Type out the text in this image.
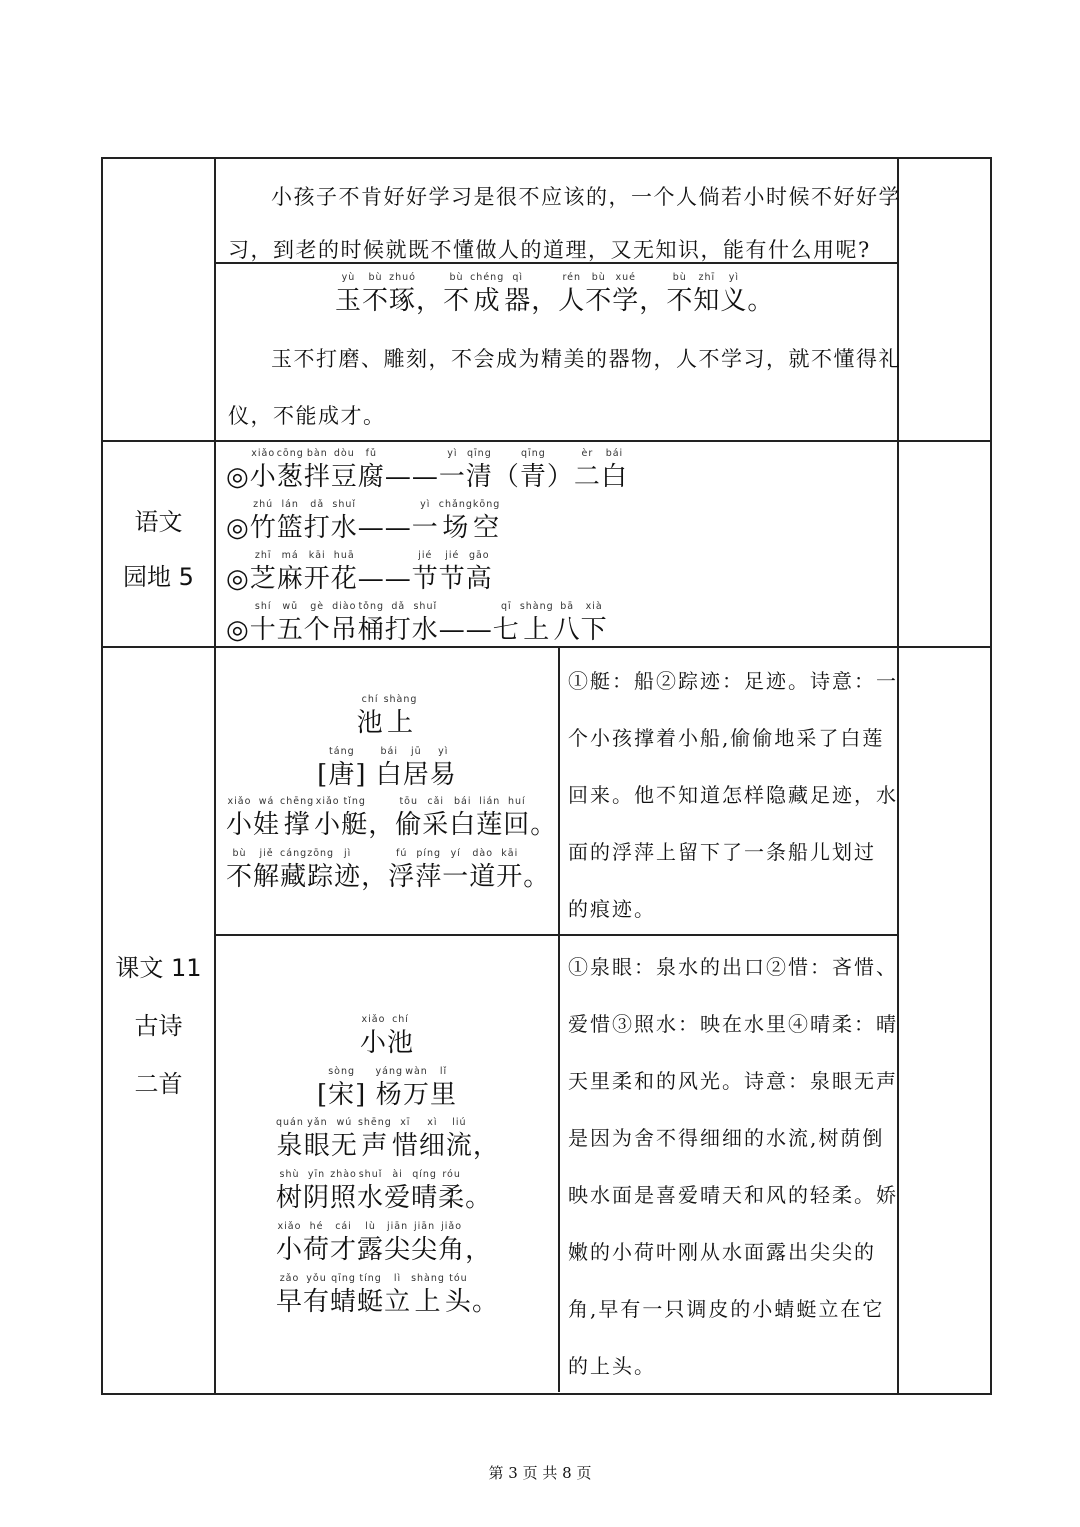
小孩子不肯好好学习是很不应该的，一个人倘若小时候不好好学
习，到老的时候就既不懂做人的道理，又无知识，能有什么用呢?
yù
玉
bù
不
zhuó
琢
，
bù
不
chéng
成
qì
器
，
rén
人
bù
不
xué
学
，
bù
不
zhī
知
yì
义
。
玉不打磨、雕刻，不会成为精美的器物，人不学习，就不懂得礼
仪，不能成才。
语文
园地 5

◎
xiǎo
小
cōng
葱
bàn
拌
dòu
豆
fǔ
腐
——
yì
一
qīng
清
（
qīng
青
）
èr
二
bái
白

◎
zhú
竹
lán
篮
dǎ
打
shuǐ
水
——
yì
一
chǎng
场
kōng
空

◎
zhī
芝
má
麻
kāi
开
huā
花
——
jié
节
jié
节
gāo
高

◎
shí
十
wǔ
五
gè
个
diào
吊
tǒng
桶
dǎ
打
shuǐ
水
——
qī
七
shàng
上
bā
八
xià
下
课文 11
古诗
二首
chí
池
shàng
上

[
táng
唐
]

bái
白
jū
居
yì
易
xiǎo
小
wá
娃
chēng
撑
xiǎo
小
tǐng
艇
，
tōu
偷
cǎi
采
bái
白
lián
莲
huí
回
。
bù
不
jiě
解
cáng
藏
zōng
踪
jì
迹
，
fú
浮
píng
萍
yí
一
dào
道
kāi
开
。
①艇：船②踪迹：足迹。诗意：一
个小孩撑着小船,偷偷地采了白莲
回来。他不知道怎样隐藏足迹，水
面的浮萍上留下了一条船儿划过
的痕迹。
xiǎo
小
chí
池

[
sòng
宋
]

yáng
杨
wàn
万
lǐ
里
quán
泉
yǎn
眼
wú
无
shēng
声
xī
惜
xì
细
liú
流
，
shù
树
yīn
阴
zhào
照
shuǐ
水
ài
爱
qíng
晴
róu
柔
。
xiǎo
小
hé
荷
cái
才
lù
露
jiān
尖
jiān
尖
jiǎo
角
，
zǎo
早
yǒu
有
qīng
蜻
tíng
蜓
lì
立
shàng
上
tóu
头
。
①泉眼：泉水的出口②惜：吝惜、
爱惜③照水：映在水里④晴柔：晴
天里柔和的风光。诗意：泉眼无声
是因为舍不得细细的水流,树荫倒
映水面是喜爱晴天和风的轻柔。娇
嫩的小荷叶刚从水面露出尖尖的
角,早有一只调皮的小蜻蜓立在它
的上头。
第 3 页 共 8 页
